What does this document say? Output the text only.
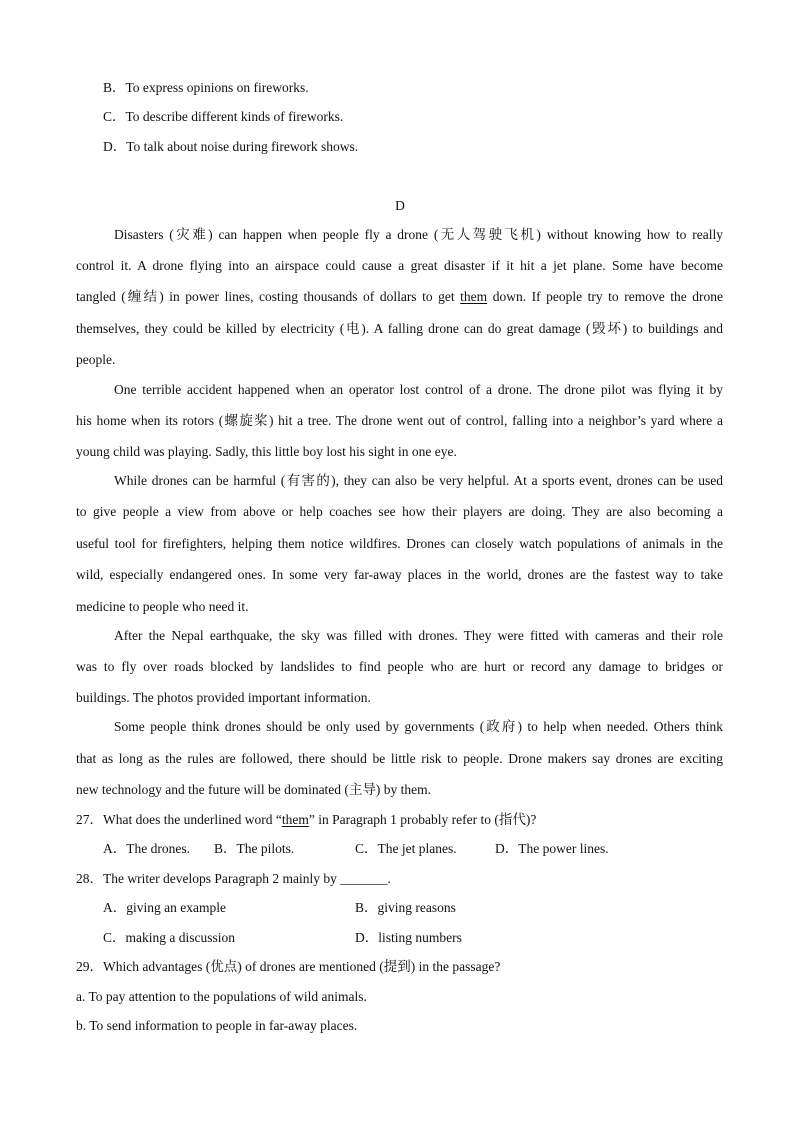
B．To express opinions on fireworks.
C．To describe different kinds of fireworks.
D．To talk about noise during firework shows.
D
Disasters (灾难) can happen when people fly a drone (无人驾驶飞机) without knowing how to really
control it. A drone flying into an airspace could cause a great disaster if it hit a jet plane. Some have become
tangled (缠结) in power lines, costing thousands of dollars to get them down. If people try to remove the drone
themselves, they could be killed by electricity (电). A falling drone can do great damage (毁坏) to buildings and
people.
One terrible accident happened when an operator lost control of a drone. The drone pilot was flying it by
his home when its rotors (螺旋桨) hit a tree. The drone went out of control, falling into a neighbor’s yard where a
young child was playing. Sadly, this little boy lost his sight in one eye.
While drones can be harmful (有害的), they can also be very helpful. At a sports event, drones can be used
to give people a view from above or help coaches see how their players are doing. They are also becoming a
useful tool for firefighters, helping them notice wildfires. Drones can closely watch populations of animals in the
wild, especially endangered ones. In some very far-away places in the world, drones are the fastest way to take
medicine to people who need it.
After the Nepal earthquake, the sky was filled with drones. They were fitted with cameras and their role
was to fly over roads blocked by landslides to find people who are hurt or record any damage to bridges or
buildings. The photos provided important information.
Some people think drones should be only used by governments (政府) to help when needed. Others think
that as long as the rules are followed, there should be little risk to people. Drone makers say drones are exciting
new technology and the future will be dominated (主导) by them.
27．What does the underlined word “them” in Paragraph 1 probably refer to (指代)?
A．The drones. B．The pilots.	C．The jet planes.	D．The power lines.
28．The writer develops Paragraph 2 mainly by _______.
A．giving an example	B．giving reasons
C．making a discussion	D．listing numbers
29．Which advantages (优点) of drones are mentioned (提到) in the passage?
a. To pay attention to the populations of wild animals.
b. To send information to people in far-away places.
